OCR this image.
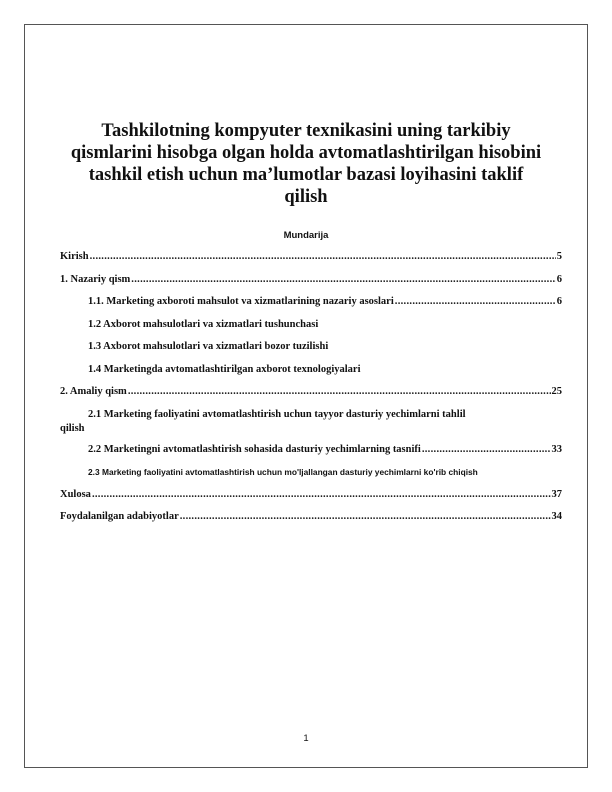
Tashkilotning kompyuter texnikasini uning tarkibiy
qismlarini hisobga olgan holda avtomatlashtirilgan hisobini
tashkil etish uchun ma’lumotlar bazasi loyihasini taklif
qilish
Mundarija
Kirish .....	5
1. Nazariy qism .....	6
1.1. Marketing axboroti mahsulot va xizmatlarining nazariy asoslari .....	6
1.2 Axborot mahsulotlari va xizmatlari tushunchasi
1.3 Axborot mahsulotlari va xizmatlari bozor tuzilishi
1.4 Marketingda avtomatlashtirilgan axborot texnologiyalari
2. Amaliy qism .....	25
2.1 Marketing faoliyatini avtomatlashtirish uchun tayyor dasturiy yechimlarni tahlil
qilish
2.2 Marketingni avtomatlashtirish sohasida dasturiy yechimlarning tasnifi .....	33
2.3 Marketing faoliyatini avtomatlashtirish uchun mo'ljallangan dasturiy yechimlarni ko'rib chiqish
Xulosa .....	37
Foydalanilgan adabiyotlar .....	34
1
